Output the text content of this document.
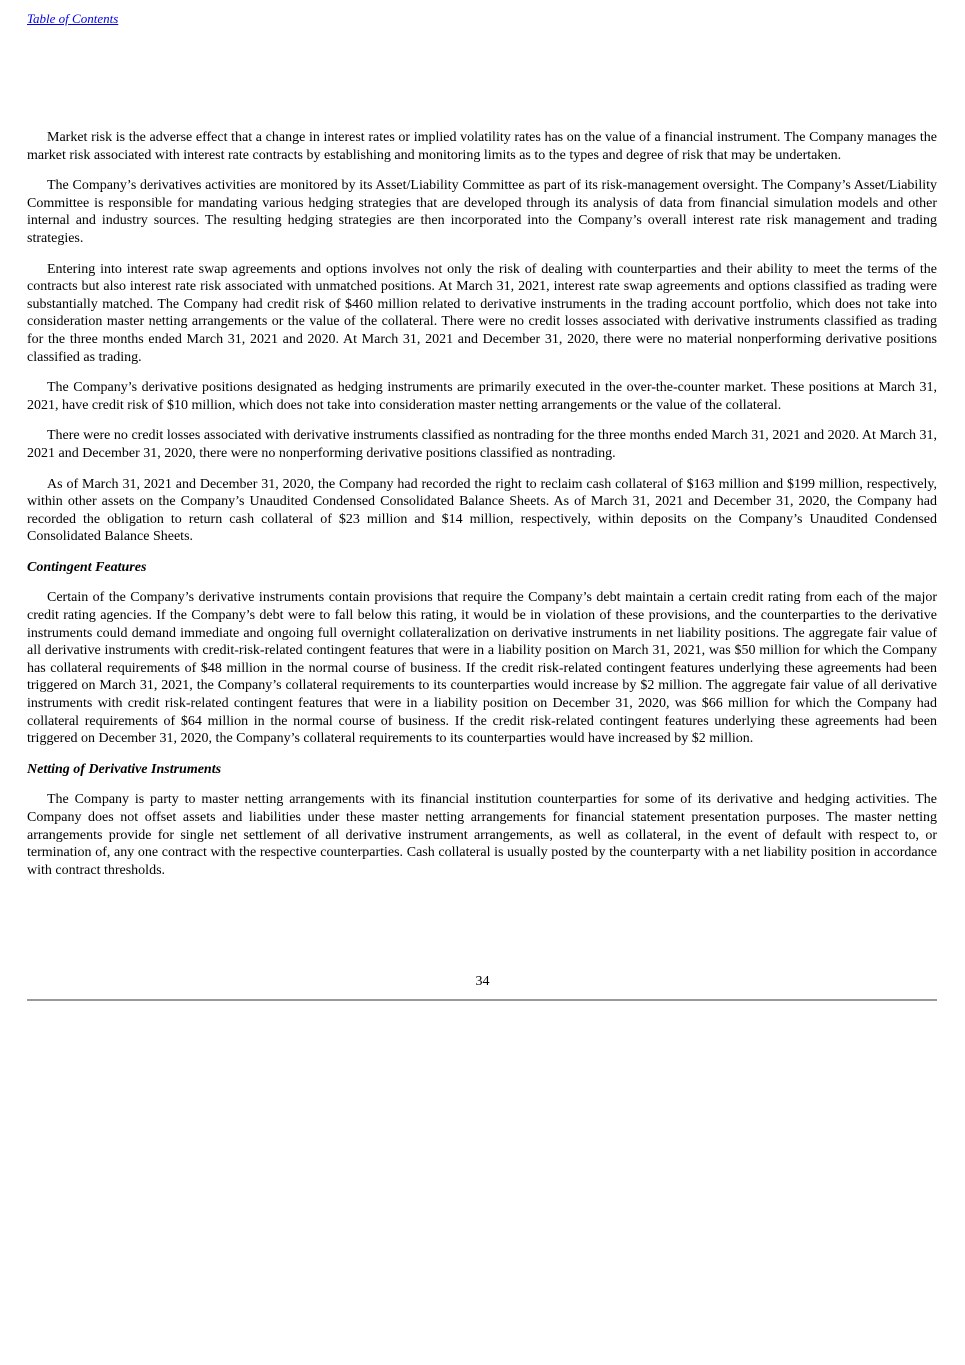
Table of Contents

Market risk is the adverse effect that a change in interest rates or implied volatility rates has on the value of a financial instrument. The Company manages the market risk associated with interest rate contracts by establishing and monitoring limits as to the types and degree of risk that may be undertaken.

The Company’s derivatives activities are monitored by its Asset/Liability Committee as part of its risk-management oversight. The Company’s Asset/Liability Committee is responsible for mandating various hedging strategies that are developed through its analysis of data from financial simulation models and other internal and industry sources. The resulting hedging strategies are then incorporated into the Company’s overall interest rate risk management and trading strategies.

Entering into interest rate swap agreements and options involves not only the risk of dealing with counterparties and their ability to meet the terms of the contracts but also interest rate risk associated with unmatched positions. At March 31, 2021, interest rate swap agreements and options classified as trading were substantially matched. The Company had credit risk of $460 million related to derivative instruments in the trading account portfolio, which does not take into consideration master netting arrangements or the value of the collateral. There were no credit losses associated with derivative instruments classified as trading for the three months ended March 31, 2021 and 2020. At March 31, 2021 and December 31, 2020, there were no material nonperforming derivative positions classified as trading.

The Company’s derivative positions designated as hedging instruments are primarily executed in the over-the-counter market. These positions at March 31, 2021, have credit risk of $10 million, which does not take into consideration master netting arrangements or the value of the collateral.

There were no credit losses associated with derivative instruments classified as nontrading for the three months ended March 31, 2021 and 2020. At March 31, 2021 and December 31, 2020, there were no nonperforming derivative positions classified as nontrading.

As of March 31, 2021 and December 31, 2020, the Company had recorded the right to reclaim cash collateral of $163 million and $199 million, respectively, within other assets on the Company’s Unaudited Condensed Consolidated Balance Sheets. As of March 31, 2021 and December 31, 2020, the Company had recorded the obligation to return cash collateral of $23 million and $14 million, respectively, within deposits on the Company’s Unaudited Condensed Consolidated Balance Sheets.

Contingent Features

Certain of the Company’s derivative instruments contain provisions that require the Company’s debt maintain a certain credit rating from each of the major credit rating agencies. If the Company’s debt were to fall below this rating, it would be in violation of these provisions, and the counterparties to the derivative instruments could demand immediate and ongoing full overnight collateralization on derivative instruments in net liability positions. The aggregate fair value of all derivative instruments with credit-risk-related contingent features that were in a liability position on March 31, 2021, was $50 million for which the Company has collateral requirements of $48 million in the normal course of business. If the credit risk-related contingent features underlying these agreements had been triggered on March 31, 2021, the Company’s collateral requirements to its counterparties would increase by $2 million. The aggregate fair value of all derivative instruments with credit risk-related contingent features that were in a liability position on December 31, 2020, was $66 million for which the Company had collateral requirements of $64 million in the normal course of business. If the credit risk-related contingent features underlying these agreements had been triggered on December 31, 2020, the Company’s collateral requirements to its counterparties would have increased by $2 million.

Netting of Derivative Instruments

The Company is party to master netting arrangements with its financial institution counterparties for some of its derivative and hedging activities. The Company does not offset assets and liabilities under these master netting arrangements for financial statement presentation purposes. The master netting arrangements provide for single net settlement of all derivative instrument arrangements, as well as collateral, in the event of default with respect to, or termination of, any one contract with the respective counterparties. Cash collateral is usually posted by the counterparty with a net liability position in accordance with contract thresholds.

34
